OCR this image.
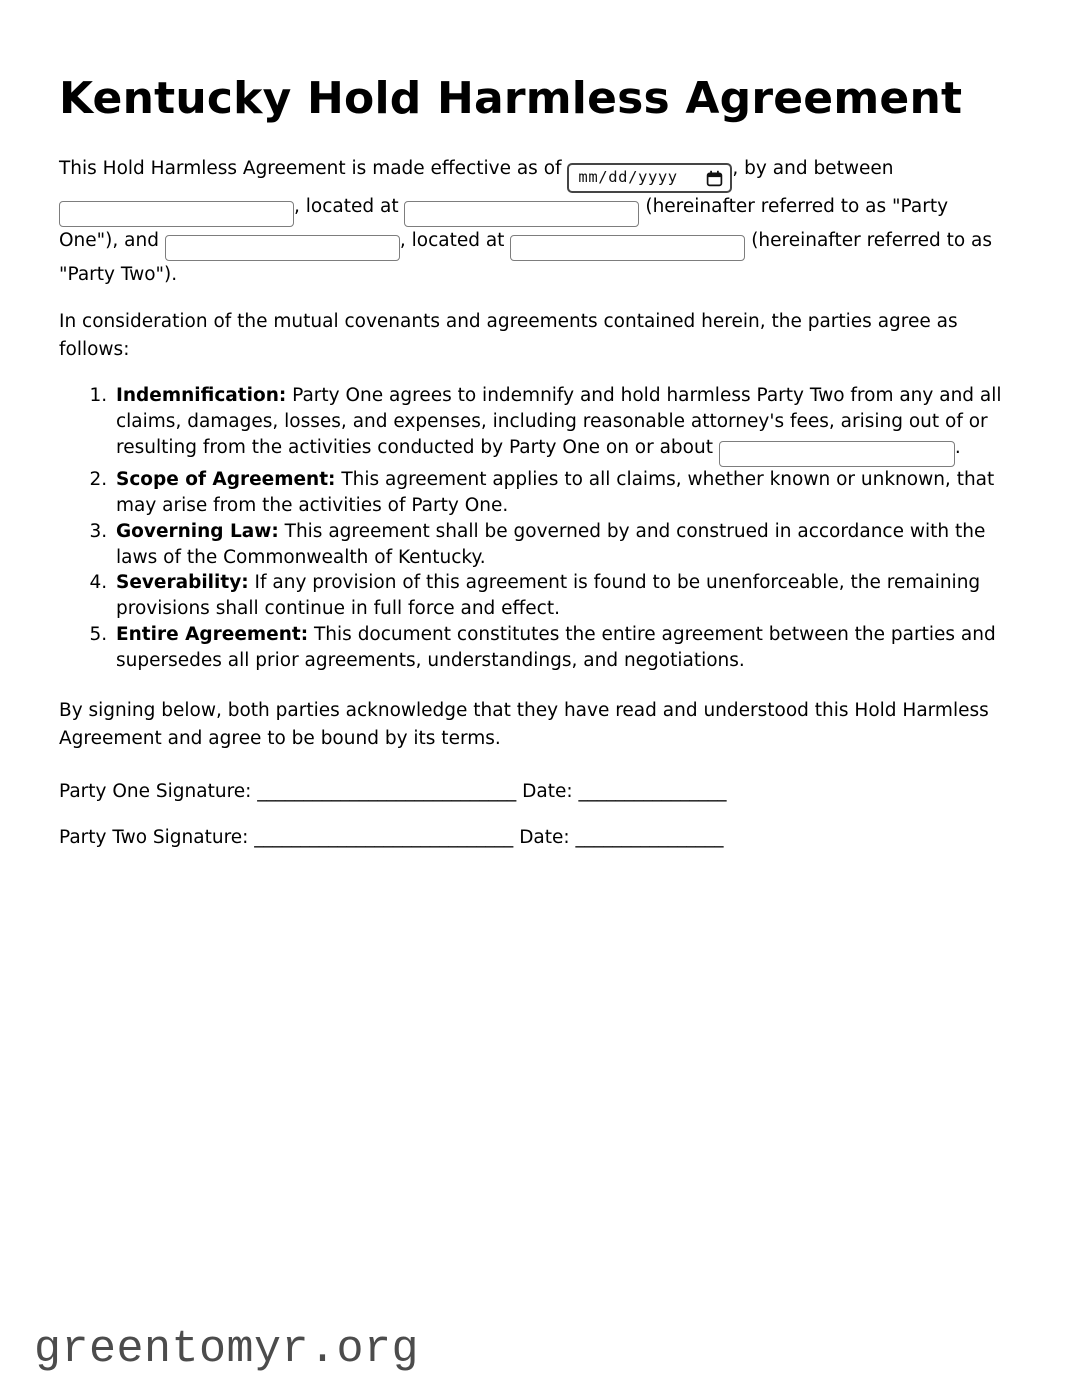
Kentucky Hold Harmless Agreement

This Hold Harmless Agreement is made effective as of mm/dd/yyyy	, by and between , located at	(hereinafter referred to as "Party One"), and	, located at	(hereinafter referred to as "Party Two").

In consideration of the mutual covenants and agreements contained herein, the parties agree as follows:

1. Indemnification: Party One agrees to indemnify and hold harmless Party Two from any and all claims, damages, losses, and expenses, including reasonable attorney's fees, arising out of or resulting from the activities conducted by Party One on or about	.
2. Scope of Agreement: This agreement applies to all claims, whether known or unknown, that may arise from the activities of Party One.
3. Governing Law: This agreement shall be governed by and construed in accordance with the laws of the Commonwealth of Kentucky.
4. Severability: If any provision of this agreement is found to be unenforceable, the remaining provisions shall continue in full force and effect.
5. Entire Agreement: This document constitutes the entire agreement between the parties and supersedes all prior agreements, understandings, and negotiations.

By signing below, both parties acknowledge that they have read and understood this Hold Harmless Agreement and agree to be bound by its terms.

Party One Signature: ____________________________ Date: ________________

Party Two Signature: ____________________________ Date: ________________

greentomyr.org
